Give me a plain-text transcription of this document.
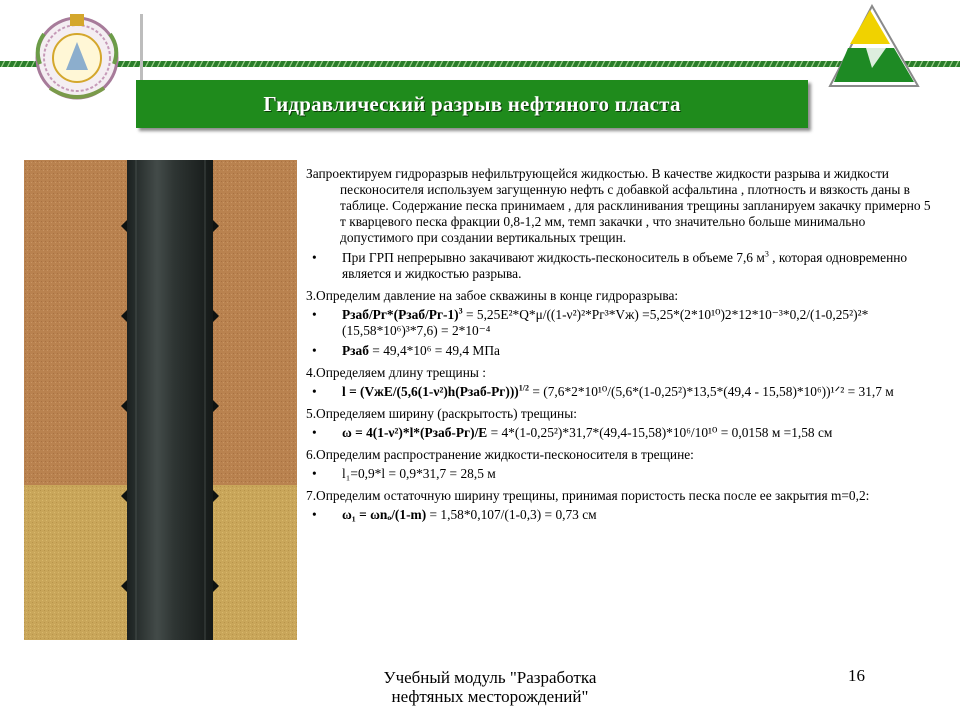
Гидравлический разрыв нефтяного пласта

Запроектируем гидроразрыв нефильтрующейся жидкостью. В качестве жидкости разрыва и жидкости песконосителя используем загущенную нефть с добавкой асфальтина , плотность и вязкость даны в таблице. Содержание песка принимаем , для расклинивания трещины запланируем закачку примерно 5 т кварцевого песка фракции 0,8-1,2 мм, темп закачки , что значительно больше минимально допустимого при создании вертикальных трещин.

• При ГРП непрерывно закачивают жидкость-песконоситель в объеме 7,6 $м^3$ , которая одновременно является и жидкостью разрыва.

3.Определим давление на забое скважины в конце гидроразрыва:

• Рзаб/Рг*(Рзаб/Рг-1)$^3$ = 5,25E²*Q*μ/((1-ν²)²*Рг³*Vж) =5,25*(2*10¹⁰)2*12*10⁻³*0,2/(1-0,25²)²*(15,58*10⁶)³*7,6) = 2*10⁻⁴
• Рзаб = 49,4*10⁶ = 49,4 МПа

4.Определяем длину трещины :

• l = (VжE/(5,6(1-ν²)h(Рзаб-Рг)))$^{1/2}$ = (7,6*2*10¹⁰/(5,6*(1-0,25²)*13,5*(49,4 - 15,58)*10⁶))¹ᐟ² = 31,7 м

5.Определяем ширину (раскрытость) трещины:

• ω = 4(1-ν²)*l*(Рзаб-Рг)/Е = 4*(1-0,25²)*31,7*(49,4-15,58)*10⁶/10¹⁰ = 0,0158 м =1,58 см

6.Определим распространение жидкости-песконосителя в трещине:

• l₁=0,9*l = 0,9*31,7 = 28,5 м

7.Определим остаточную ширину трещины, принимая пористость песка после ее закрытия m=0,2:

• ω₁ = ωnₒ/(1-m) = 1,58*0,107/(1-0,3) = 0,73 см
Учебный модуль "Разработка
нефтяных месторождений"
16
